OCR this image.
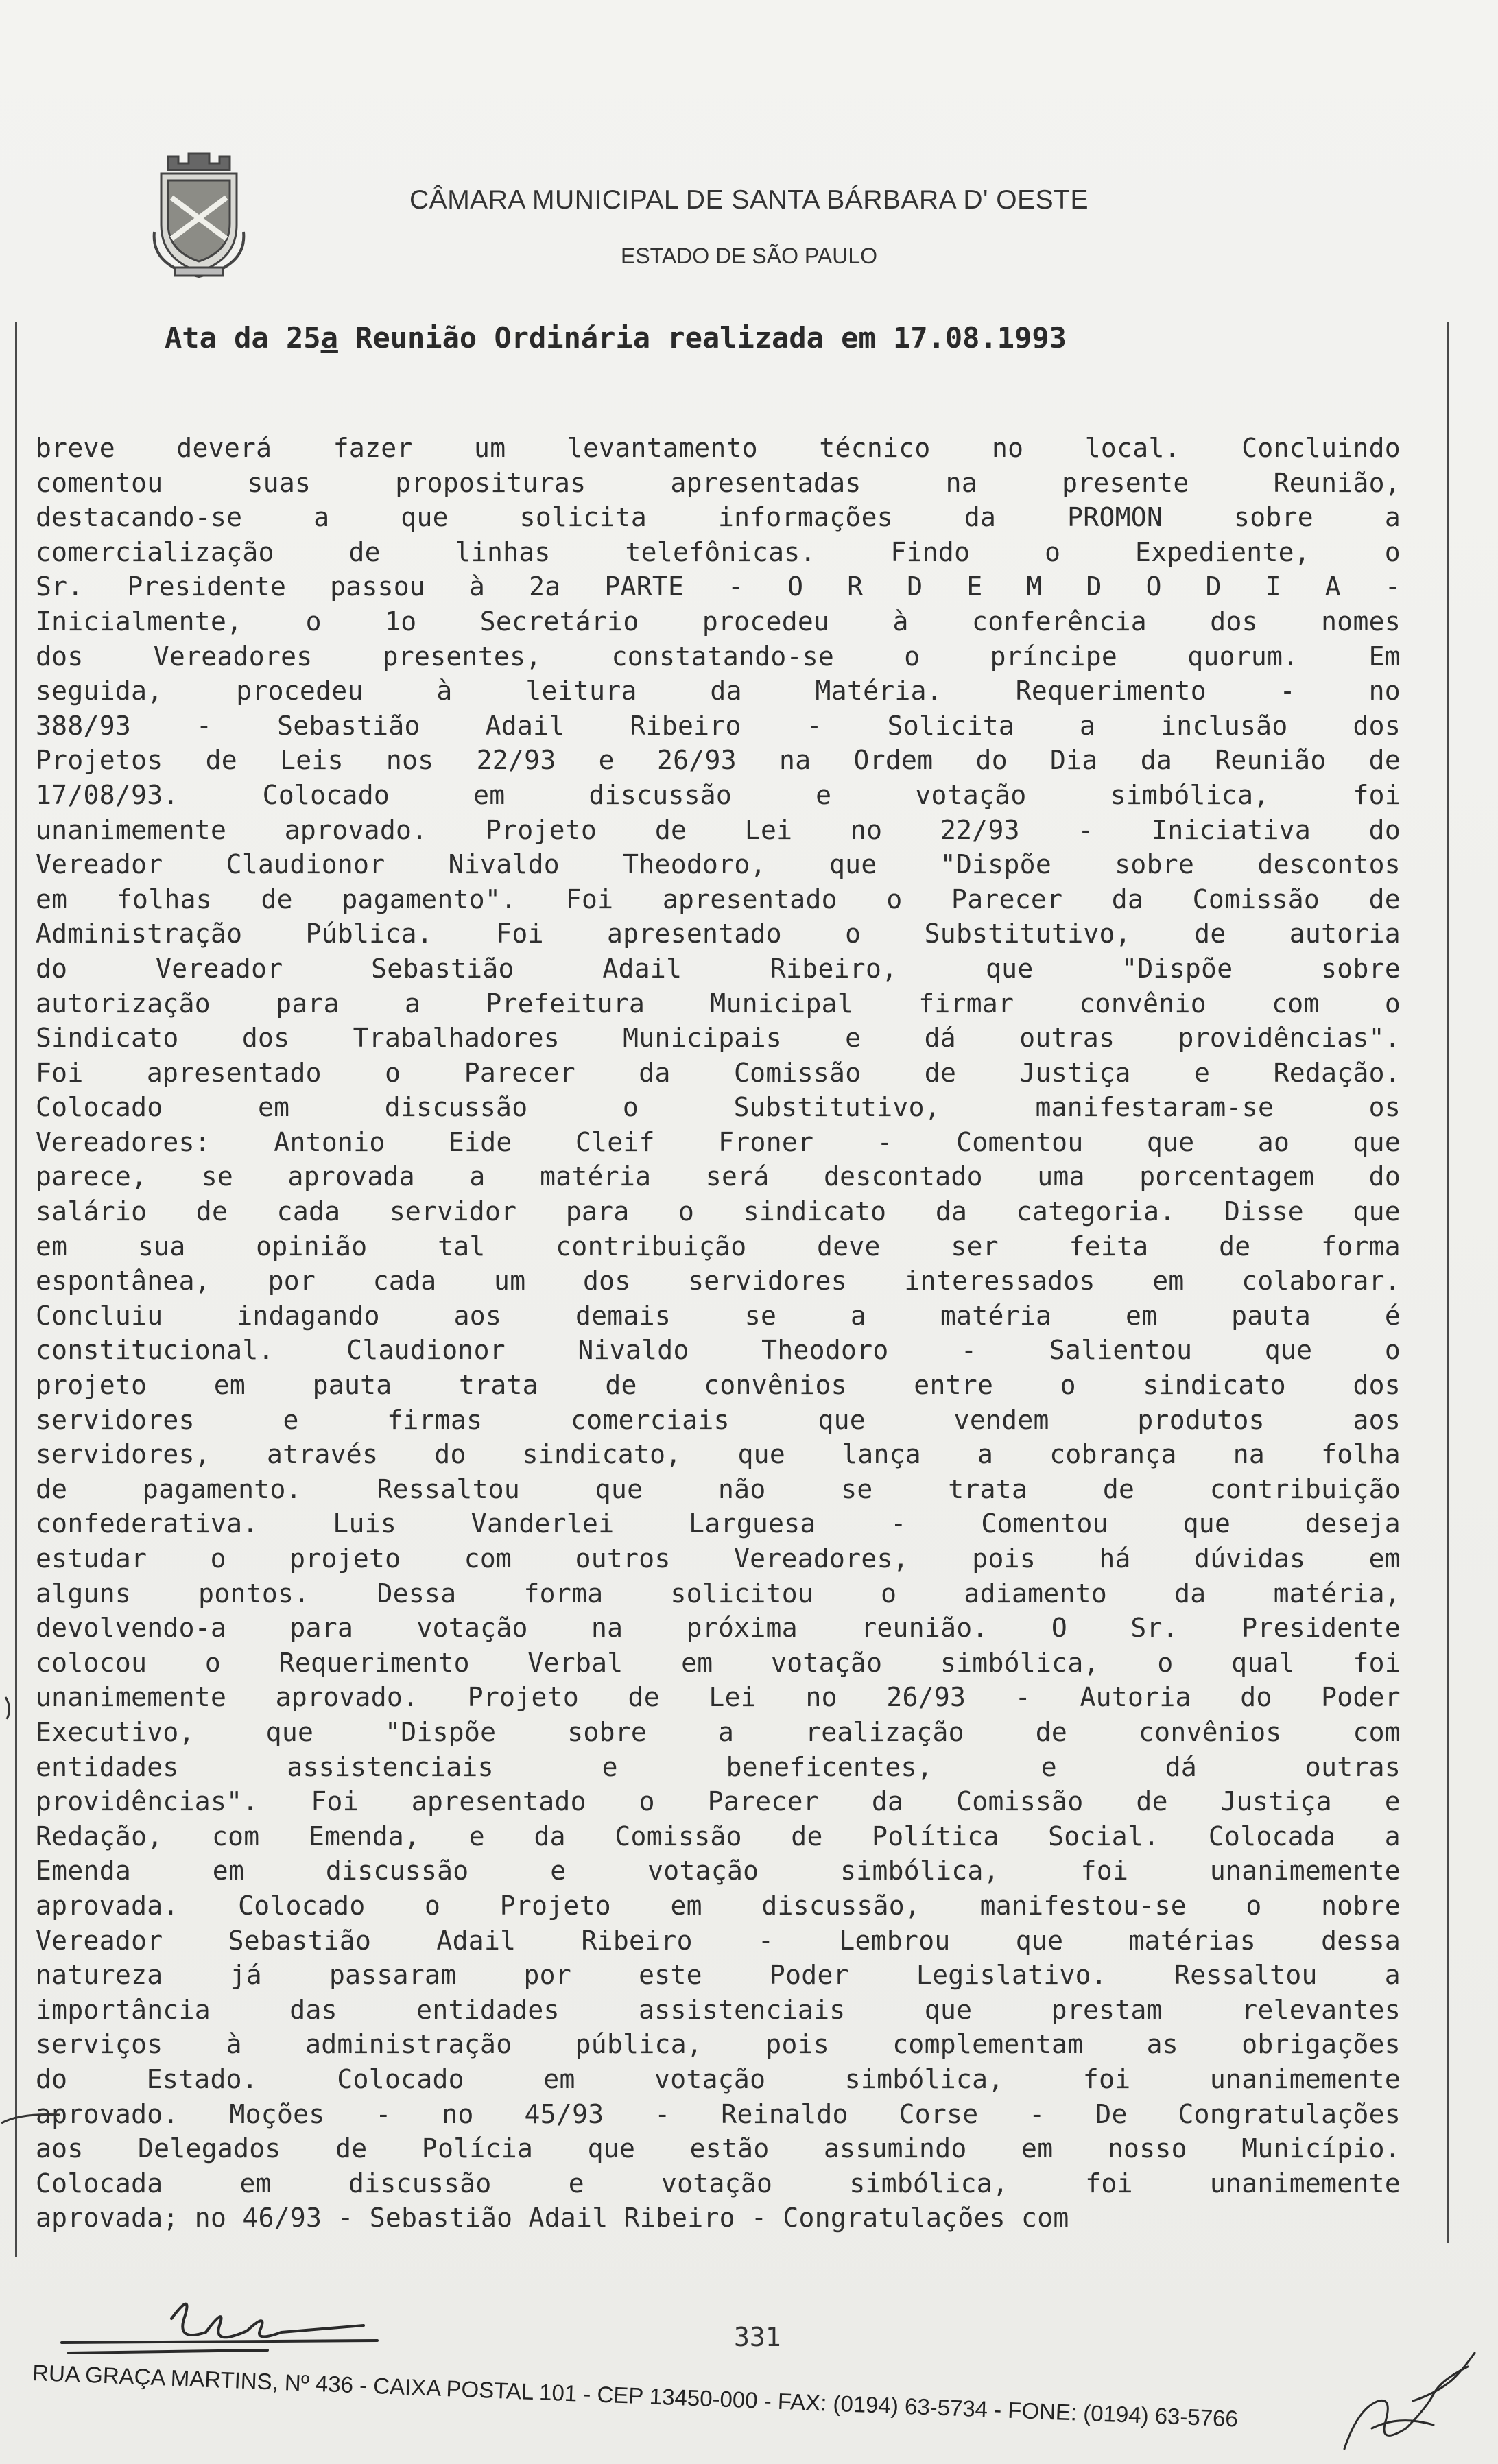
CÂMARA MUNICIPAL DE SANTA BÁRBARA D' OESTE
ESTADO DE SÃO PAULO
Ata da 25a Reunião Ordinária realizada em 17.08.1993
breve deverá fazer um levantamento técnico no local. Concluindo
comentou suas proposituras apresentadas na presente Reunião,
destacando-se a que solicita informações da PROMON sobre a
comercialização de linhas telefônicas. Findo o Expediente, o
Sr. Presidente passou à 2a PARTE - O R D E M D O D I A -
Inicialmente, o 1o Secretário procedeu à conferência dos nomes
dos Vereadores presentes, constatando-se o príncipe quorum. Em
seguida, procedeu à leitura da Matéria. Requerimento - no
388/93 - Sebastião Adail Ribeiro - Solicita a inclusão dos
Projetos de Leis nos 22/93 e 26/93 na Ordem do Dia da Reunião de
17/08/93. Colocado em discussão e votação simbólica, foi
unanimemente aprovado. Projeto de Lei no 22/93 - Iniciativa do
Vereador Claudionor Nivaldo Theodoro, que "Dispõe sobre descontos
em folhas de pagamento". Foi apresentado o Parecer da Comissão de
Administração Pública. Foi apresentado o Substitutivo, de autoria
do Vereador Sebastião Adail Ribeiro, que "Dispõe sobre
autorização para a Prefeitura Municipal firmar convênio com o
Sindicato dos Trabalhadores Municipais e dá outras providências".
Foi apresentado o Parecer da Comissão de Justiça e Redação.
Colocado em discussão o Substitutivo, manifestaram-se os
Vereadores: Antonio Eide Cleif Froner - Comentou que ao que
parece, se aprovada a matéria será descontado uma porcentagem do
salário de cada servidor para o sindicato da categoria. Disse que
em sua opinião tal contribuição deve ser feita de forma
espontânea, por cada um dos servidores interessados em colaborar.
Concluiu indagando aos demais se a matéria em pauta é
constitucional. Claudionor Nivaldo Theodoro - Salientou que o
projeto em pauta trata de convênios entre o sindicato dos
servidores e firmas comerciais que vendem produtos aos
servidores, através do sindicato, que lança a cobrança na folha
de pagamento. Ressaltou que não se trata de contribuição
confederativa. Luis Vanderlei Larguesa - Comentou que deseja
estudar o projeto com outros Vereadores, pois há dúvidas em
alguns pontos. Dessa forma solicitou o adiamento da matéria,
devolvendo-a para votação na próxima reunião. O Sr. Presidente
colocou o Requerimento Verbal em votação simbólica, o qual foi
unanimemente aprovado. Projeto de Lei no 26/93 - Autoria do Poder
Executivo, que "Dispõe sobre a realização de convênios com
entidades assistenciais e beneficentes, e dá outras
providências". Foi apresentado o Parecer da Comissão de Justiça e
Redação, com Emenda, e da Comissão de Política Social. Colocada a
Emenda em discussão e votação simbólica, foi unanimemente
aprovada. Colocado o Projeto em discussão, manifestou-se o nobre
Vereador Sebastião Adail Ribeiro - Lembrou que matérias dessa
natureza já passaram por este Poder Legislativo. Ressaltou a
importância das entidades assistenciais que prestam relevantes
serviços à administração pública, pois complementam as obrigações
do Estado. Colocado em votação simbólica, foi unanimemente
aprovado. Moções - no 45/93 - Reinaldo Corse - De Congratulações
aos Delegados de Polícia que estão assumindo em nosso Município.
Colocada em discussão e votação simbólica, foi unanimemente
aprovada; no 46/93 - Sebastião Adail Ribeiro - Congratulações com
331
RUA GRAÇA MARTINS, Nº 436 - CAIXA POSTAL 101 - CEP 13450-000 - FAX: (0194) 63-5734 - FONE: (0194) 63-5766
